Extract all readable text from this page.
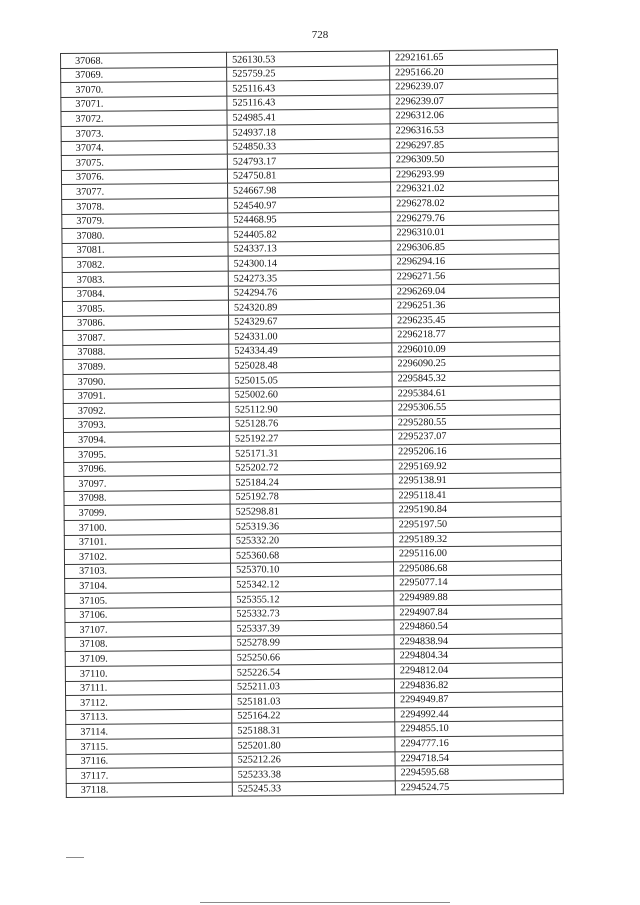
728
37068.	526130.53	2292161.65
37069.	525759.25	2295166.20
37070.	525116.43	2296239.07
37071.	525116.43	2296239.07
37072.	524985.41	2296312.06
37073.	524937.18	2296316.53
37074.	524850.33	2296297.85
37075.	524793.17	2296309.50
37076.	524750.81	2296293.99
37077.	524667.98	2296321.02
37078.	524540.97	2296278.02
37079.	524468.95	2296279.76
37080.	524405.82	2296310.01
37081.	524337.13	2296306.85
37082.	524300.14	2296294.16
37083.	524273.35	2296271.56
37084.	524294.76	2296269.04
37085.	524320.89	2296251.36
37086.	524329.67	2296235.45
37087.	524331.00	2296218.77
37088.	524334.49	2296010.09
37089.	525028.48	2296090.25
37090.	525015.05	2295845.32
37091.	525002.60	2295384.61
37092.	525112.90	2295306.55
37093.	525128.76	2295280.55
37094.	525192.27	2295237.07
37095.	525171.31	2295206.16
37096.	525202.72	2295169.92
37097.	525184.24	2295138.91
37098.	525192.78	2295118.41
37099.	525298.81	2295190.84
37100.	525319.36	2295197.50
37101.	525332.20	2295189.32
37102.	525360.68	2295116.00
37103.	525370.10	2295086.68
37104.	525342.12	2295077.14
37105.	525355.12	2294989.88
37106.	525332.73	2294907.84
37107.	525337.39	2294860.54
37108.	525278.99	2294838.94
37109.	525250.66	2294804.34
37110.	525226.54	2294812.04
37111.	525211.03	2294836.82
37112.	525181.03	2294949.87
37113.	525164.22	2294992.44
37114.	525188.31	2294855.10
37115.	525201.80	2294777.16
37116.	525212.26	2294718.54
37117.	525233.38	2294595.68
37118.	525245.33	2294524.75
